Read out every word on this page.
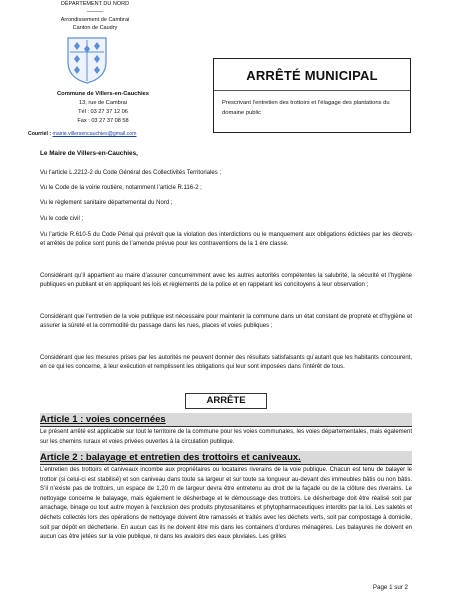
DÉPARTEMENT DU NORD
———
Arrondissement de Cambrai
Canton de Caudry
Commune de Villers-en-Cauchies
13, rue de Cambrai
Tél : 03 27 37 12 06
Fax : 03 27 37 08 58
Courriel : mairie.villersencauchies@gmail.com
ARRÊTÉ MUNICIPAL
Prescrivant l’entretien des trottoirs et l’élagage des plantations du domaine public
Le Maire de Villers-en-Cauchies,
Vu l’article L.2212-2 du Code Général des Collectivités Territoriales ;
Vu le Code de la voirie routière, notamment l’article R.116-2 ;
Vu le règlement sanitaire départemental du Nord ;
Vu le code civil ;
Vu l’article R.610-5 du Code Pénal qui prévoit que la violation des interdictions ou le manquement aux obligations édictées par les décrets et arrêtés de police sont punis de l’amende prévue pour les contraventions de la 1 ère classe.
Considérant qu’il appartient au maire d’assurer concurremment avec les autres autorités compétentes la salubrité, la sécurité et l’hygiène publiques en publiant et en appliquant les lois et règlements de la police et en rappelant les concitoyens à leur observation ;
Considérant que l’entretien de la voie publique est nécessaire pour maintenir la commune dans un état constant de propreté et d’hygiène et assurer la sûreté et la commodité du passage dans les rues, places et voies publiques ;
Considérant que les mesures prises par les autorités ne peuvent donner des résultats satisfaisants qu’autant que les habitants concourent, en ce qui les concerne, à leur exécution et remplissent les obligations qui leur sont imposées dans l’intérêt de tous.
ARRÊTE
Article 1 : voies concernées
Le présent arrêté est applicable sur tout le territoire de la commune pour les voies communales, les voies départementales, mais également sur les chemins ruraux et voies privées ouvertes à la circulation publique.
Article 2 : balayage et entretien des trottoirs et caniveaux.
L’entretien des trottoirs et caniveaux incombe aux propriétaires ou locataires riverains de la voie publique. Chacun est tenu de balayer le trottoir (si celui-ci est stabilisé) et son caniveau dans toute sa largeur et sur toute sa longueur au-devant des immeubles bâtis ou non bâtis. S’il n’existe pas de trottoirs, un espace de 1,20 m de largeur devra être entretenu au droit de la façade ou de la clôture des riverains. Le nettoyage concerne le balayage, mais également le désherbage et le démoussage des trottoirs. Le désherbage doit être réalisé soit par arrachage, binage ou tout autre moyen à l’exclusion des produits phytosanitaires et phytopharmaceutiques interdits par la loi. Les saletés et déchets collectés lors des opérations de nettoyage doivent être ramassés et traités avec les déchets verts, soit par compostage à domicile, soit par dépôt en déchetterie. En aucun cas ils ne doivent être mis dans les containers d’ordures ménagères. Les balayures ne doivent en aucun cas être jetées sur la voie publique, ni dans les avaloirs des eaux pluviales. Les grilles
Page 1 sur 2
